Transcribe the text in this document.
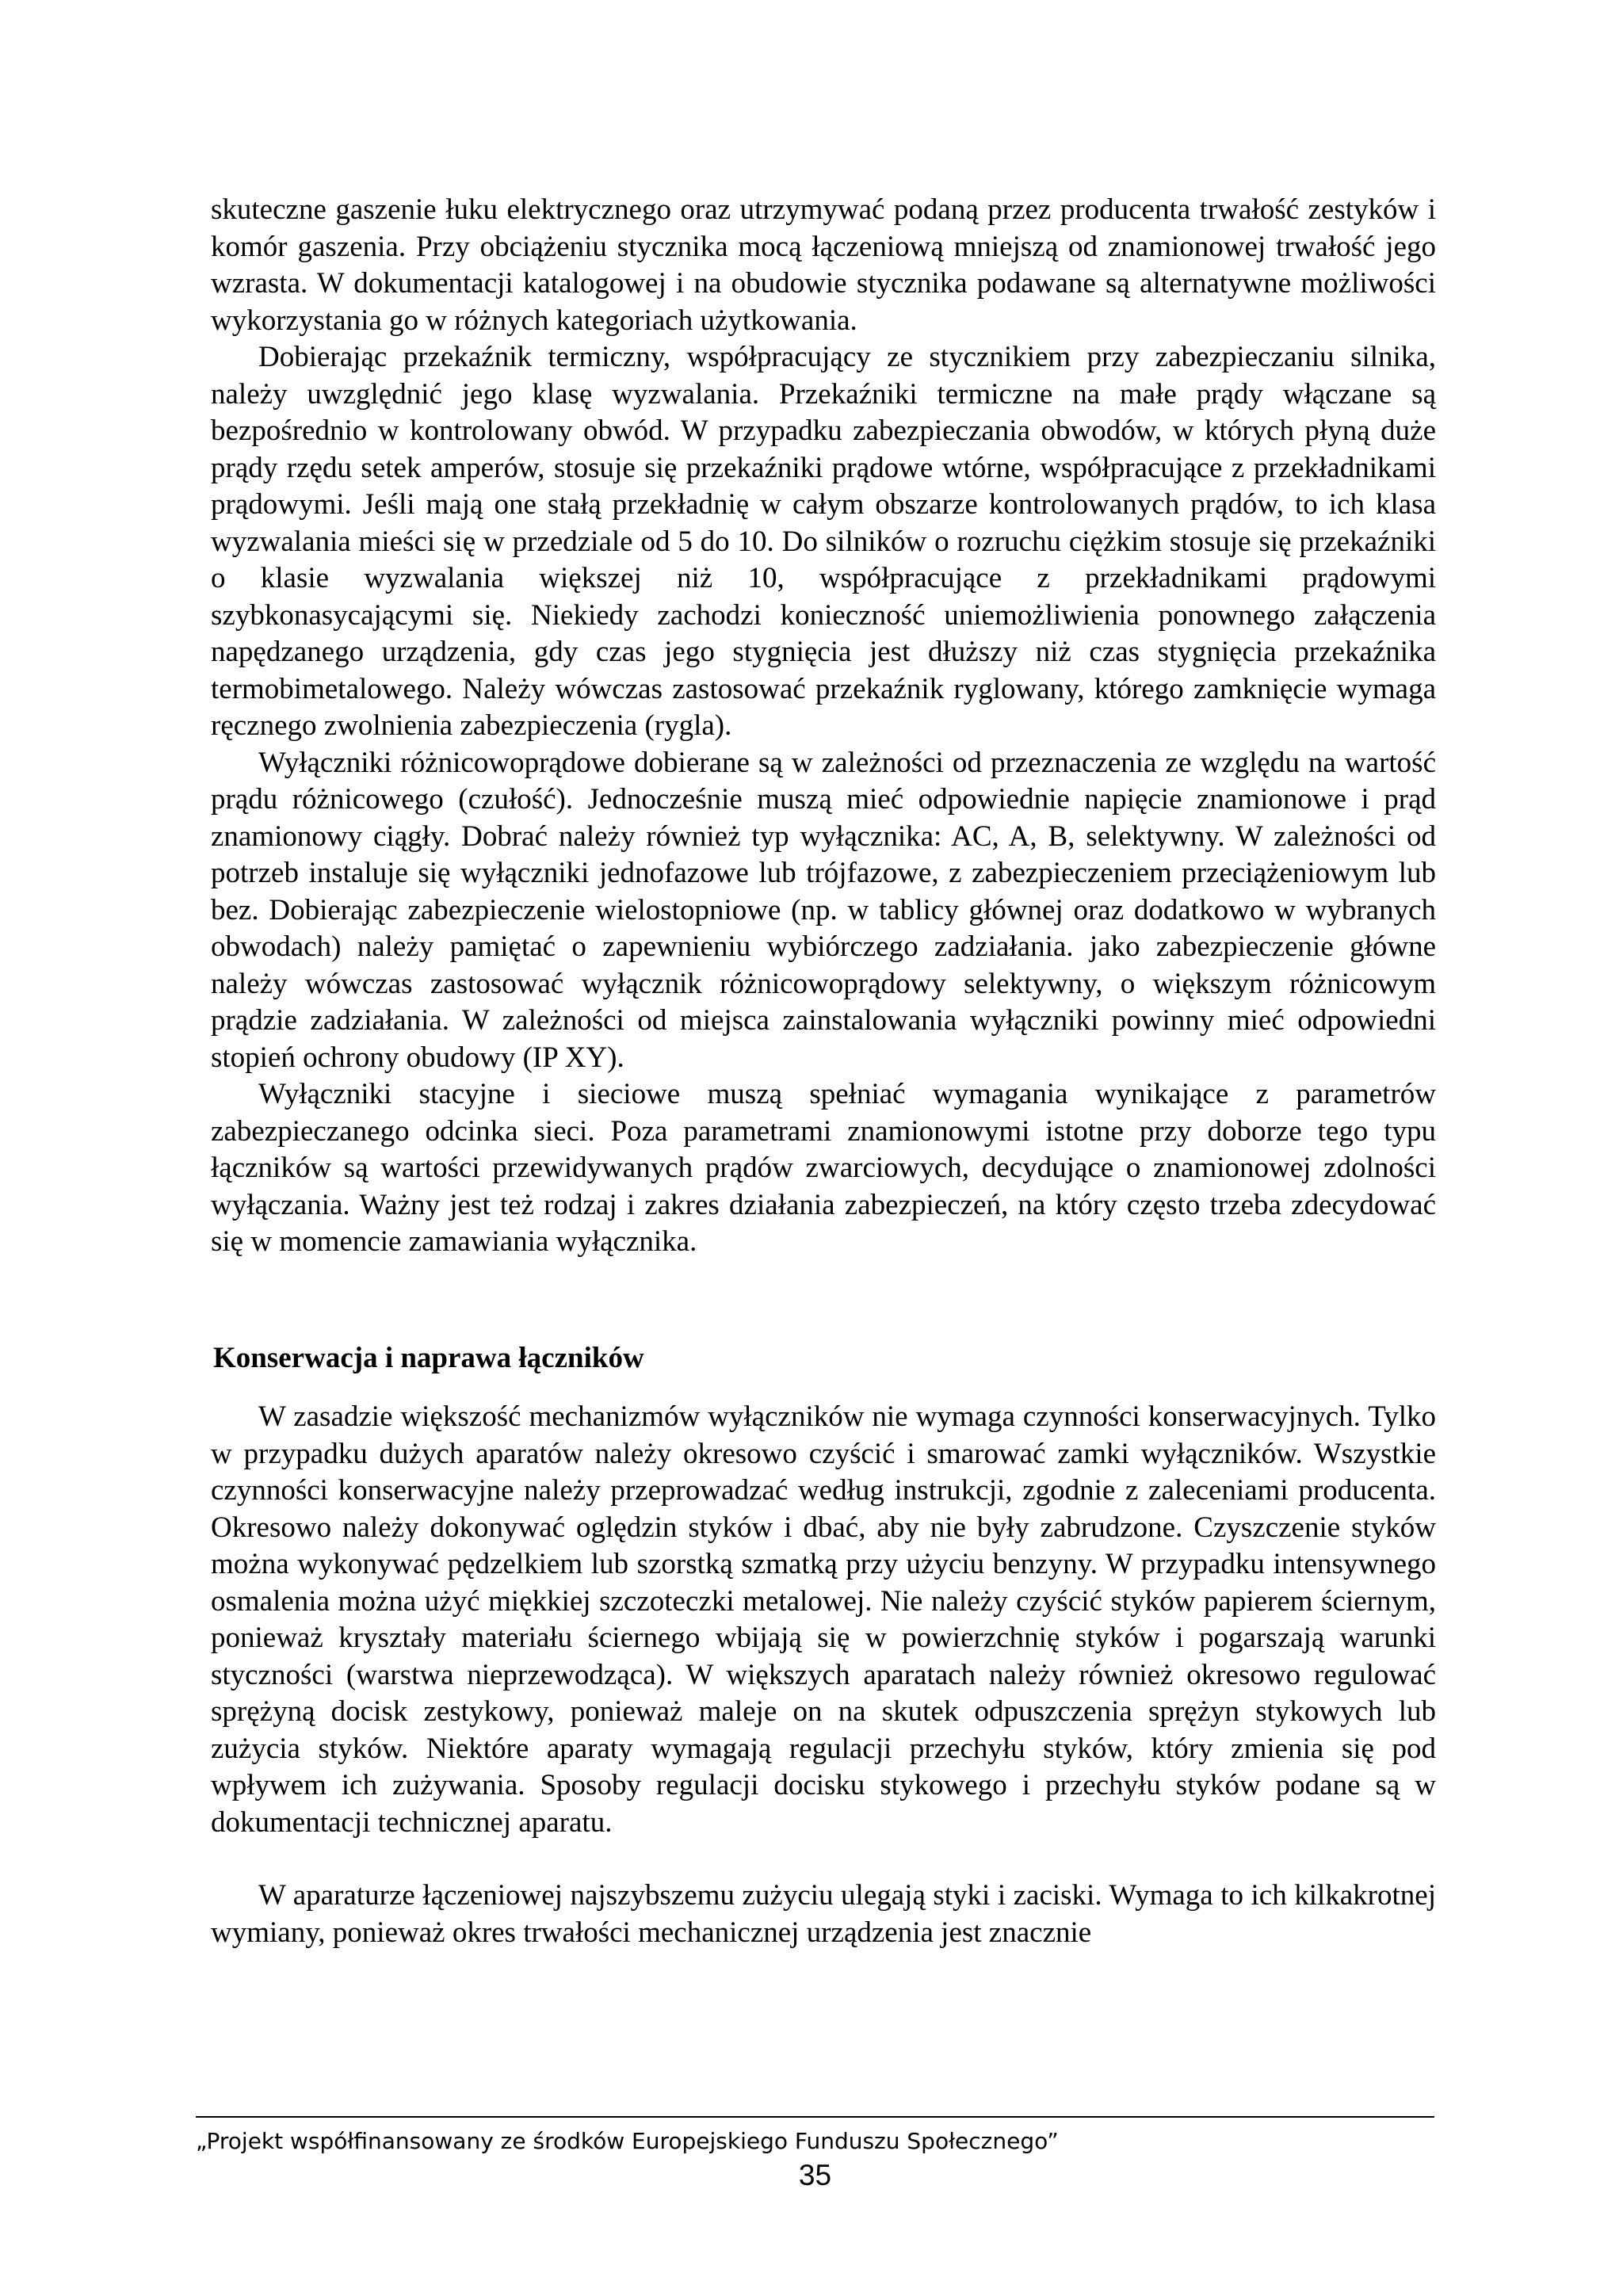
skuteczne gaszenie łuku elektrycznego oraz utrzymywać podaną przez producenta trwałość zestyków i komór gaszenia. Przy obciążeniu stycznika mocą łączeniową mniejszą od znamionowej trwałość jego wzrasta. W dokumentacji katalogowej i na obudowie stycznika podawane są alternatywne możliwości wykorzystania go w różnych kategoriach użytkowania.

Dobierając przekaźnik termiczny, współpracujący ze stycznikiem przy zabezpieczaniu silnika, należy uwzględnić jego klasę wyzwalania. Przekaźniki termiczne na małe prądy włączane są bezpośrednio w kontrolowany obwód. W przypadku zabezpieczania obwodów, w których płyną duże prądy rzędu setek amperów, stosuje się przekaźniki prądowe wtórne, współpracujące z przekładnikami prądowymi. Jeśli mają one stałą przekładnię w całym obszarze kontrolowanych prądów, to ich klasa wyzwalania mieści się w przedziale od 5 do 10. Do silników o rozruchu ciężkim stosuje się przekaźniki o klasie wyzwalania większej niż 10, współpracujące z przekładnikami prądowymi szybkonasycającymi się. Niekiedy zachodzi konieczność uniemożliwienia ponownego załączenia napędzanego urządzenia, gdy czas jego stygnięcia jest dłuższy niż czas stygnięcia przekaźnika termobimetalowego. Należy wówczas zastosować przekaźnik ryglowany, którego zamknięcie wymaga ręcznego zwolnienia zabezpieczenia (rygla).

Wyłączniki różnicowoprądowe dobierane są w zależności od przeznaczenia ze względu na wartość prądu różnicowego (czułość). Jednocześnie muszą mieć odpowiednie napięcie znamionowe i prąd znamionowy ciągły. Dobrać należy również typ wyłącznika: AC, A, B, selektywny. W zależności od potrzeb instaluje się wyłączniki jednofazowe lub trójfazowe, z zabezpieczeniem przeciążeniowym lub bez. Dobierając zabezpieczenie wielostopniowe (np. w tablicy głównej oraz dodatkowo w wybranych obwodach) należy pamiętać o zapewnieniu wybiórczego zadziałania. jako zabezpieczenie główne należy wówczas zastosować wyłącznik różnicowoprądowy selektywny, o większym różnicowym prądzie zadziałania. W zależności od miejsca zainstalowania wyłączniki powinny mieć odpowiedni stopień ochrony obudowy (IP XY).

Wyłączniki stacyjne i sieciowe muszą spełniać wymagania wynikające z parametrów zabezpieczanego odcinka sieci. Poza parametrami znamionowymi istotne przy doborze tego typu łączników są wartości przewidywanych prądów zwarciowych, decydujące o znamionowej zdolności wyłączania. Ważny jest też rodzaj i zakres działania zabezpieczeń, na który często trzeba zdecydować się w momencie zamawiania wyłącznika.

Konserwacja i naprawa łączników

W zasadzie większość mechanizmów wyłączników nie wymaga czynności konserwacyjnych. Tylko w przypadku dużych aparatów należy okresowo czyścić i smarować zamki wyłączników. Wszystkie czynności konserwacyjne należy przeprowadzać według instrukcji, zgodnie z zaleceniami producenta. Okresowo należy dokonywać oględzin styków i dbać, aby nie były zabrudzone. Czyszczenie styków można wykonywać pędzelkiem lub szorstką szmatką przy użyciu benzyny. W przypadku intensywnego osmalenia można użyć miękkiej szczoteczki metalowej. Nie należy czyścić styków papierem ściernym, ponieważ kryształy materiału ściernego wbijają się w powierzchnię styków i pogarszają warunki styczności (warstwa nieprzewodząca). W większych aparatach należy również okresowo regulować sprężyną docisk zestykowy, ponieważ maleje on na skutek odpuszczenia sprężyn stykowych lub zużycia styków. Niektóre aparaty wymagają regulacji przechyłu styków, który zmienia się pod wpływem ich zużywania. Sposoby regulacji docisku stykowego i przechyłu styków podane są w dokumentacji technicznej aparatu.

W aparaturze łączeniowej najszybszemu zużyciu ulegają styki i zaciski. Wymaga to ich kilkakrotnej wymiany, ponieważ okres trwałości mechanicznej urządzenia jest znacznie

„Projekt współfinansowany ze środków Europejskiego Funduszu Społecznego”
35
